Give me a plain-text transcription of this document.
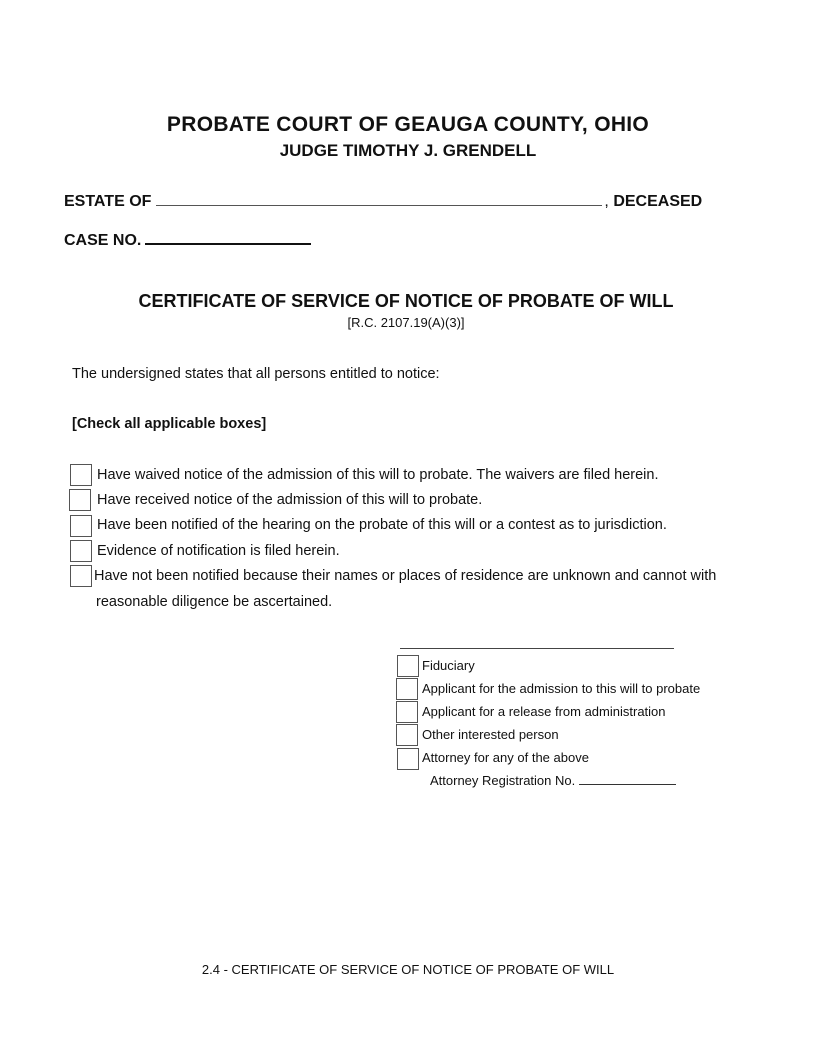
PROBATE COURT OF GEAUGA COUNTY, OHIO
JUDGE TIMOTHY J. GRENDELL
ESTATE OF	, DECEASED
CASE NO.
CERTIFICATE OF SERVICE OF NOTICE OF PROBATE OF WILL
[R.C. 2107.19(A)(3)]
The undersigned states that all persons entitled to notice:
[Check all applicable boxes]
Have waived notice of the admission of this will to probate. The waivers are filed herein.
Have received notice of the admission of this will to probate.
Have been notified of the hearing on the probate of this will or a contest as to jurisdiction.
Evidence of notification is filed herein.
Have not been notified because their names or places of residence are unknown and cannot with
reasonable diligence be ascertained.
Fiduciary
Applicant for the admission to this will to probate
Applicant for a release from administration
Other interested person
Attorney for any of the above
Attorney Registration No.
2.4 - CERTIFICATE OF SERVICE OF NOTICE OF PROBATE OF WILL
